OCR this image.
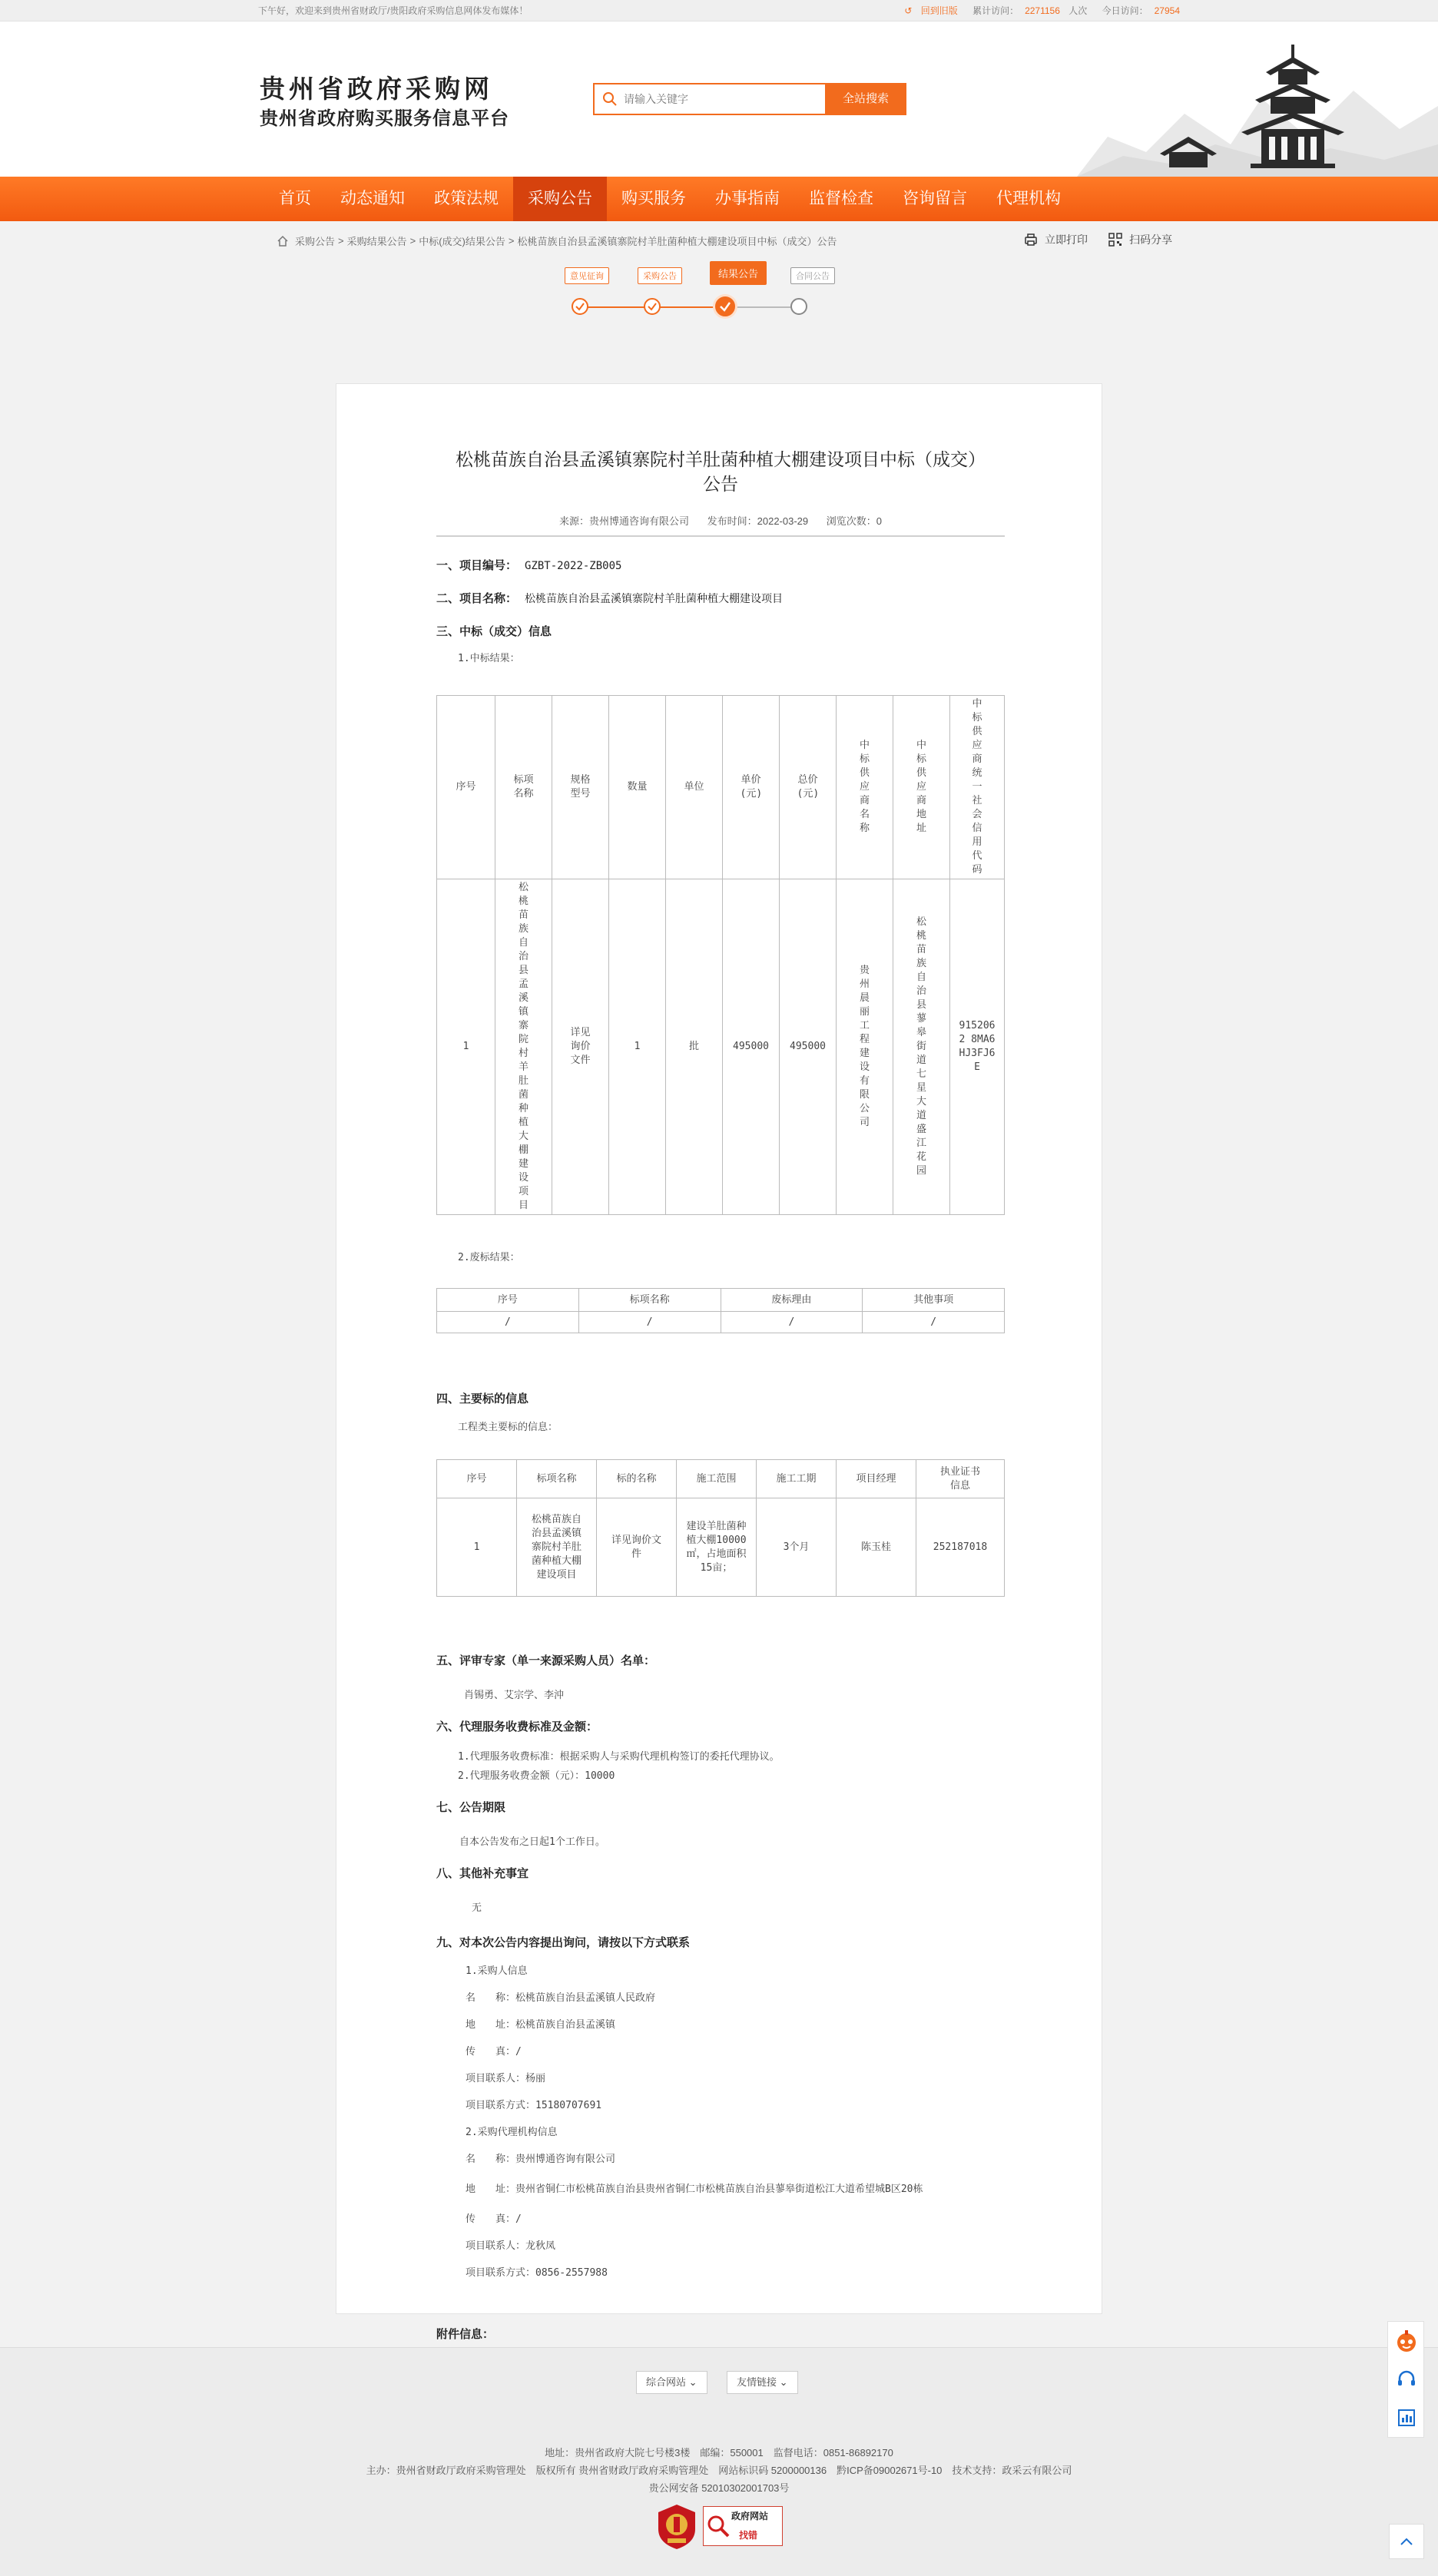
下午好，欢迎来到贵州省财政厅/贵阳政府采购信息网体发布媒体！	↺ 回到旧版 累计访问： 2271156 人次 今日访问： 27954
贵州省政府采购网
贵州省政府购买服务信息平台
请输入关键字
全站搜索
首页	动态通知	政策法规	采购公告	购买服务	办事指南	监督检查	咨询留言	代理机构
采购公告 > 采购结果公告 > 中标(成交)结果公告 > 松桃苗族自治县孟溪镇寨院村羊肚菌种植大棚建设项目中标（成交）公告	立即打印	扫码分享
意见征询	采购公告	结果公告	合同公告
松桃苗族自治县孟溪镇寨院村羊肚菌种植大棚建设项目中标（成交）公告
来源：贵州博通咨询有限公司 发布时间：2022-03-29 浏览次数：0
一、项目编号： GZBT-2022-ZB005
二、项目名称： 松桃苗族自治县孟溪镇寨院村羊肚菌种植大棚建设项目
三、中标（成交）信息
1.中标结果：
序号	标项名称	规格型号	数量	单位	单价(元)	总价(元)	中标供应商名称	中标供应商地址	中标供应商统一社会信用代码
1	松桃苗族自治县孟溪镇寨院村羊肚菌种植大棚建设项目	详见询价文件	1	批	495000	495000	贵州晨丽工程建设有限公司	松桃苗族自治县蓼皋街道七星大道盛江花园	9152062 8MA6HJ3FJ6E
2.废标结果：
序号	标项名称	废标理由	其他事项
/	/	/	/
四、主要标的信息
工程类主要标的信息：
序号	标项名称	标的名称	施工范围	施工工期	项目经理	执业证书信息
1	松桃苗族自治县孟溪镇寨院村羊肚菌种植大棚建设项目	详见询价文件	建设羊肚菌种植大棚10000㎡，占地面积15亩；	3个月	陈玉桂	252187018
五、评审专家（单一来源采购人员）名单：
肖锡勇、艾宗学、李沖
六、代理服务收费标准及金额：
1.代理服务收费标准：根据采购人与采购代理机构签订的委托代理协议。
2.代理服务收费金额（元）：10000
七、公告期限
自本公告发布之日起1个工作日。
八、其他补充事宜
无
九、对本次公告内容提出询问，请按以下方式联系

1.采购人信息

名　　称：松桃苗族自治县孟溪镇人民政府

地　　址：松桃苗族自治县孟溪镇

传　　真：/

项目联系人：杨丽

项目联系方式：15180707691

2.采购代理机构信息

名　　称：贵州博通咨询有限公司

地　　址：贵州省铜仁市松桃苗族自治县贵州省铜仁市松桃苗族自治县蓼皋街道松江大道希望城B区20栋

传　　真：/

项目联系人：龙秋凤

项目联系方式：0856-2557988

附件信息：
综合网站 ⌄	友情链接 ⌄
地址：贵州省政府大院七号楼3楼　邮编：550001　监督电话：0851-86892170
主办：贵州省财政厅政府采购管理处　版权所有 贵州省财政厅政府采购管理处　网站标识码 5200000136　黔ICP备09002671号-10　技术支持：政采云有限公司
贵公网安备 52010302001703号
政府网站
找错
